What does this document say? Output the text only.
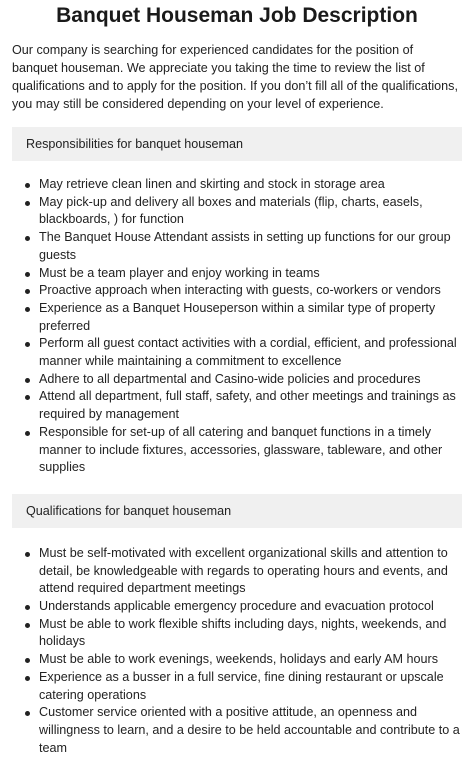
Banquet Houseman Job Description

Our company is searching for experienced candidates for the position of banquet houseman. We appreciate you taking the time to review the list of qualifications and to apply for the position. If you don’t fill all of the qualifications, you may still be considered depending on your level of experience.

Responsibilities for banquet houseman
May retrieve clean linen and skirting and stock in storage area
May pick-up and delivery all boxes and materials (flip, charts, easels, blackboards, ) for function
The Banquet House Attendant assists in setting up functions for our group guests
Must be a team player and enjoy working in teams
Proactive approach when interacting with guests, co-workers or vendors
Experience as a Banquet Houseperson within a similar type of property preferred
Perform all guest contact activities with a cordial, efficient, and professional manner while maintaining a commitment to excellence
Adhere to all departmental and Casino-wide policies and procedures
Attend all department, full staff, safety, and other meetings and trainings as required by management
Responsible for set-up of all catering and banquet functions in a timely manner to include fixtures, accessories, glassware, tableware, and other supplies
Qualifications for banquet houseman
Must be self-motivated with excellent organizational skills and attention to detail, be knowledgeable with regards to operating hours and events, and attend required department meetings
Understands applicable emergency procedure and evacuation protocol
Must be able to work flexible shifts including days, nights, weekends, and holidays
Must be able to work evenings, weekends, holidays and early AM hours
Experience as a busser in a full service, fine dining restaurant or upscale catering operations
Customer service oriented with a positive attitude, an openness and willingness to learn, and a desire to be held accountable and contribute to a team
